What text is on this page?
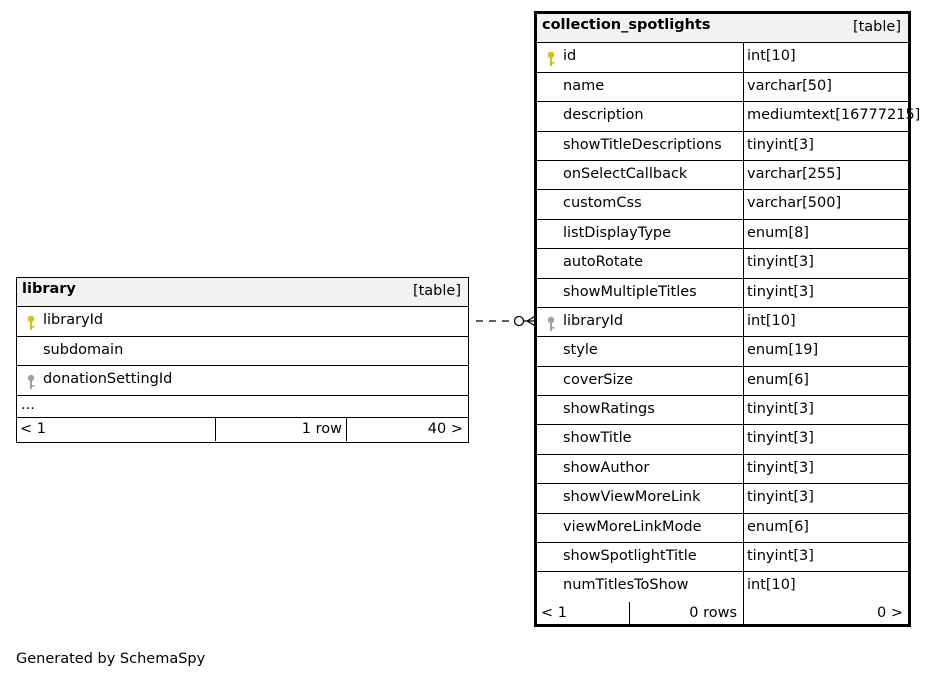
library	[table]
libraryId
subdomain
donationSettingId
...
< 1	1 row	40 >
collection_spotlights	[table]
id	int[10]
name	varchar[50]
description	mediumtext[16777215]
showTitleDescriptions tinyint[3]
onSelectCallback	varchar[255]
customCss	varchar[500]
listDisplayType	enum[8]
autoRotate	tinyint[3]
showMultipleTitles	tinyint[3]
libraryId	int[10]
style	enum[19]
coverSize	enum[6]
showRatings	tinyint[3]
showTitle	tinyint[3]
showAuthor	tinyint[3]
showViewMoreLink	tinyint[3]
viewMoreLinkMode	enum[6]
showSpotlightTitle	tinyint[3]
numTitlesToShow	int[10]
< 1	0 rows	0 >
Generated by SchemaSpy
